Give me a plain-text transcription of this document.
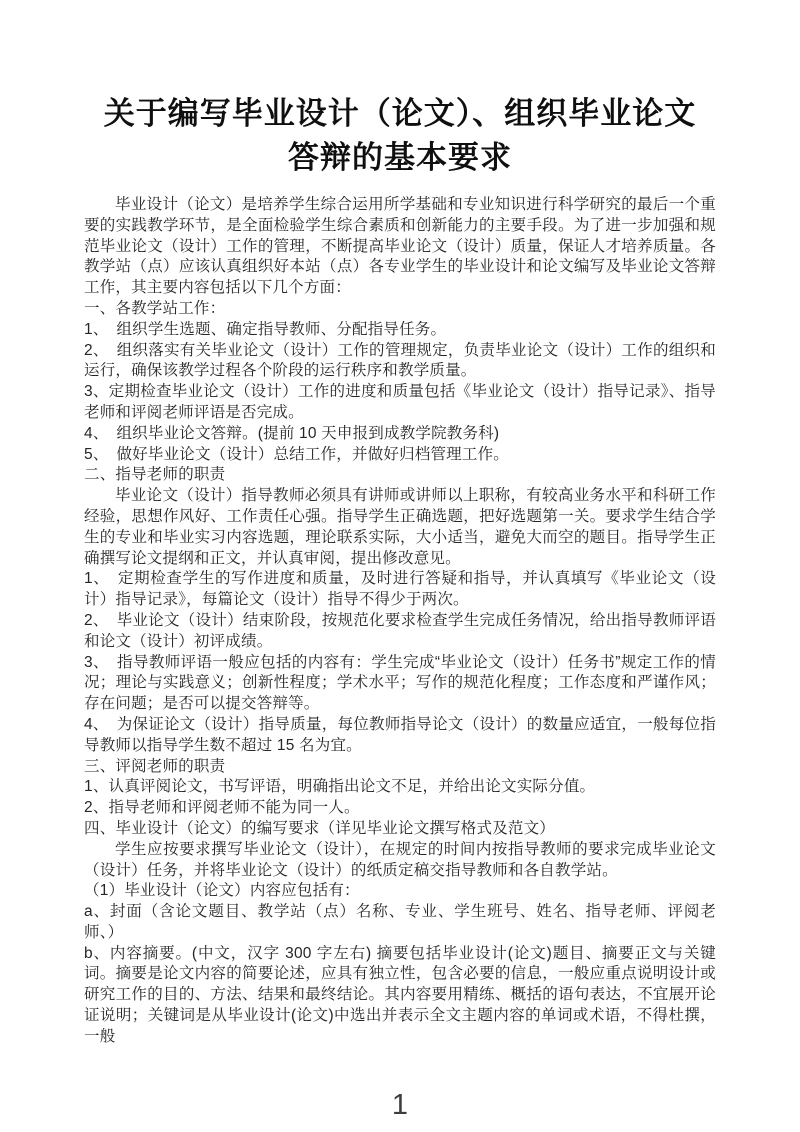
关于编写毕业设计（论文）、组织毕业论文
答辩的基本要求

毕业设计（论文）是培养学生综合运用所学基础和专业知识进行科学研究的最后一个重要的实践教学环节，是全面检验学生综合素质和创新能力的主要手段。为了进一步加强和规范毕业论文（设计）工作的管理，不断提高毕业论文（设计）质量，保证人才培养质量。各教学站（点）应该认真组织好本站（点）各专业学生的毕业设计和论文编写及毕业论文答辩工作，其主要内容包括以下几个方面：

一、各教学站工作：

1、　组织学生选题、确定指导教师、分配指导任务。

2、　组织落实有关毕业论文（设计）工作的管理规定，负责毕业论文（设计）工作的组织和运行，确保该教学过程各个阶段的运行秩序和教学质量。

3、定期检查毕业论文（设计）工作的进度和质量包括《毕业论文（设计）指导记录》、指导老师和评阅老师评语是否完成。

4、　组织毕业论文答辩。(提前 10 天申报到成教学院教务科)

5、　做好毕业论文（设计）总结工作，并做好归档管理工作。

二、指导老师的职责

毕业论文（设计）指导教师必须具有讲师或讲师以上职称，有较高业务水平和科研工作经验，思想作风好、工作责任心强。指导学生正确选题，把好选题第一关。要求学生结合学生的专业和毕业实习内容选题，理论联系实际，大小适当，避免大而空的题目。指导学生正确撰写论文提纲和正文，并认真审阅，提出修改意见。

1、　定期检查学生的写作进度和质量，及时进行答疑和指导，并认真填写《毕业论文（设计）指导记录》，每篇论文（设计）指导不得少于两次。

2、　毕业论文（设计）结束阶段，按规范化要求检查学生完成任务情况，给出指导教师评语和论文（设计）初评成绩。

3、　指导教师评语一般应包括的内容有：学生完成“毕业论文（设计）任务书”规定工作的情况；理论与实践意义；创新性程度；学术水平；写作的规范化程度；工作态度和严谨作风；存在问题；是否可以提交答辩等。

4、　为保证论文（设计）指导质量，每位教师指导论文（设计）的数量应适宜，一般每位指导教师以指导学生数不超过 15 名为宜。

三、评阅老师的职责

1、认真评阅论文，书写评语，明确指出论文不足，并给出论文实际分值。

2、指导老师和评阅老师不能为同一人。

四、毕业设计（论文）的编写要求（详见毕业论文撰写格式及范文）

学生应按要求撰写毕业论文（设计），在规定的时间内按指导教师的要求完成毕业论文（设计）任务，并将毕业论文（设计）的纸质定稿交指导教师和各自教学站。

（1）毕业设计（论文）内容应包括有：

a、封面（含论文题目、教学站（点）名称、专业、学生班号、姓名、指导老师、评阅老师、）

b、内容摘要。(中文，汉字 300 字左右) 摘要包括毕业设计(论文)题目、摘要正文与关键词。摘要是论文内容的简要论述，应具有独立性，包含必要的信息，一般应重点说明设计或研究工作的目的、方法、结果和最终结论。其内容要用精练、概括的语句表达，不宜展开论证说明；关键词是从毕业设计(论文)中选出并表示全文主题内容的单词或术语，不得杜撰，一般

1
